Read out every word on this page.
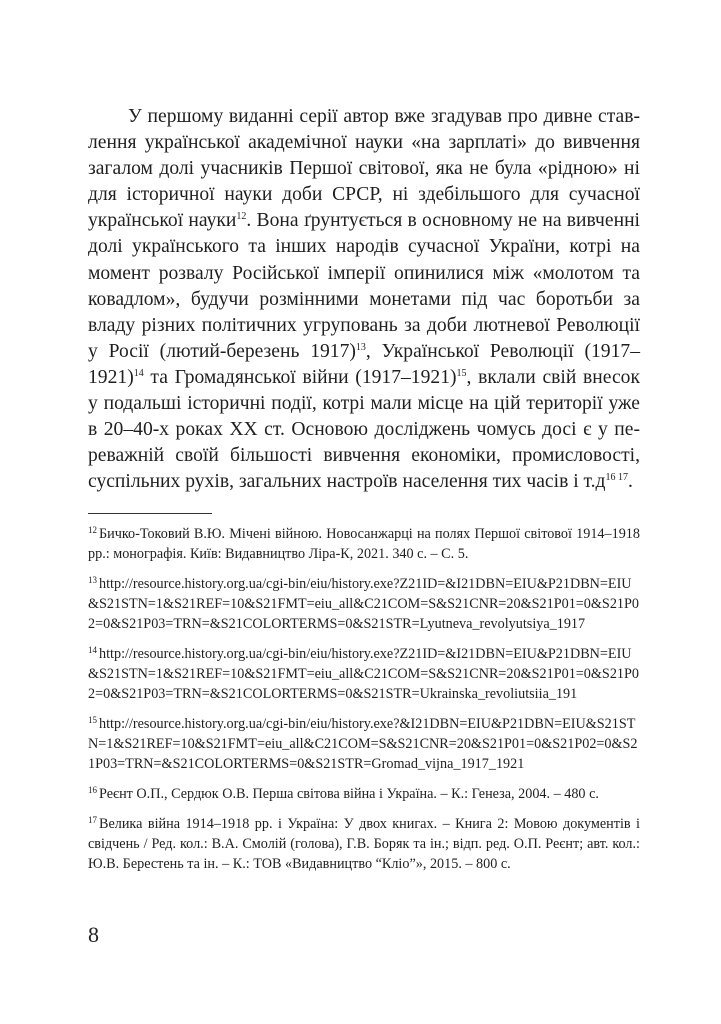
У першому виданні серії автор вже згадував про дивне ставлення української академічної науки «на зарплаті» до вивчення загалом долі учасників Першої світової, яка не була «рідною» ні для історичної науки доби СРСР, ні здебільшого для сучасної української науки$^{12}$. Вона ґрунтується в основному не на вивченні долі українського та інших народів сучасної України, котрі на момент розвалу Російської імперії опинилися між «молотом та ковадлом», будучи розмінними монетами під час боротьби за владу різних політичних угруповань за доби лютневої Революції у Росії (лютий-березень 1917)$^{13}$, Української Революції (1917–1921)$^{14}$ та Громадянської війни (1917–1921)$^{15}$, вклали свій внесок у подальші історичні події, котрі мали місце на цій території уже в 20–40-х роках ХХ ст. Основою досліджень чомусь досі є у переважній своїй більшості вивчення економіки, промисловості, суспільних рухів, загальних настроїв населення тих часів і т.д$^{16 17}$.

$^{12}$ Бичко-Токовий В.Ю. Мічені війною. Новосанжарці на полях Першої світової 1914–1918 рр.: монографія. Київ: Видавництво Ліра-К, 2021. 340 с. – С. 5.

$^{13}$ http://resource.history.org.ua/cgi-bin/eiu/history.exe?Z21ID=&I21DBN=EIU&P21DBN=EIU&S21STN=1&S21REF=10&S21FMT=eiu_all&C21COM=S&S21CNR=20&S21P01=0&S21P02=0&S21P03=TRN=&S21COLORTERMS=0&S21STR=Lyutneva_revolyutsiya_1917

$^{14}$ http://resource.history.org.ua/cgi-bin/eiu/history.exe?Z21ID=&I21DBN=EIU&P21DBN=EIU&S21STN=1&S21REF=10&S21FMT=eiu_all&C21COM=S&S21CNR=20&S21P01=0&S21P02=0&S21P03=TRN=&S21COLORTERMS=0&S21STR=Ukrainska_revoliutsiia_191

$^{15}$ http://resource.history.org.ua/cgi-bin/eiu/history.exe?&I21DBN=EIU&P21DBN=EIU&S21STN=1&S21REF=10&S21FMT=eiu_all&C21COM=S&S21CNR=20&S21P01=0&S21P02=0&S21P03=TRN=&S21COLORTERMS=0&S21STR=Gromad_vijna_1917_1921

$^{16}$ Реєнт О.П., Сердюк О.В. Перша світова війна і Україна. – К.: Генеза, 2004. – 480 с.

$^{17}$ Велика війна 1914–1918 рр. і Україна: У двох книгах. – Книга 2: Мовою документів і свідчень / Ред. кол.: В.А. Смолій (голова), Г.В. Боряк та ін.; відп. ред. О.П. Реєнт; авт. кол.: Ю.В. Берестень та ін. – К.: ТОВ «Видавництво “Кліо”», 2015. – 800 с.

8
